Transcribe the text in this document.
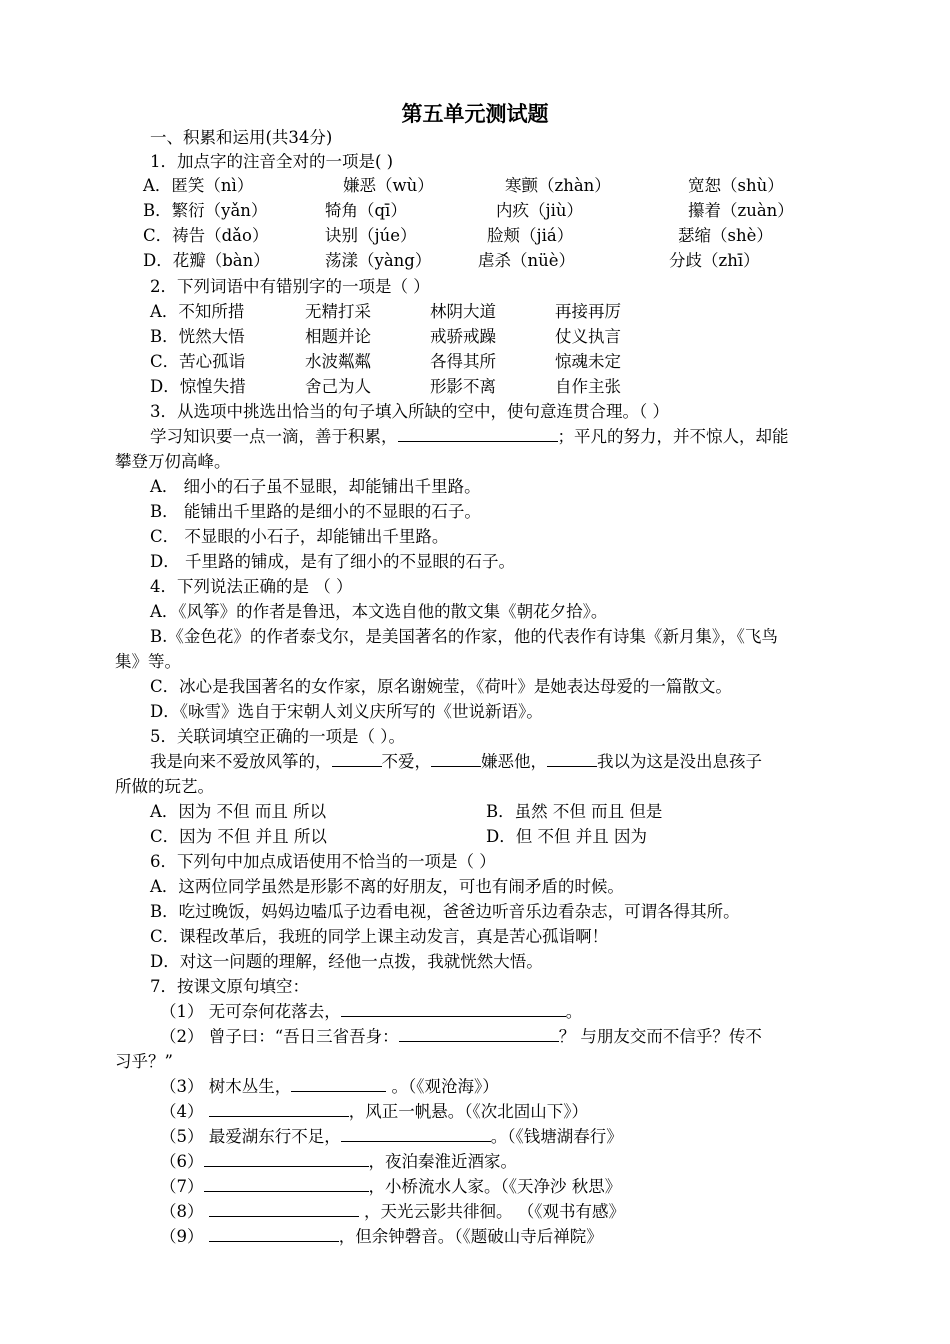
第五单元测试题
一、积累和运用(共34分)
1．加点字的注音全对的一项是( )
A．匿笑（nì）	嫌恶（wù）	寒颤（zhàn）	宽恕（shù）
B．繁衍（yǎn）	犄角（qī）	内疚（jiù）	攥着（zuàn）
C．祷告（dǎo）	诀别（júe）	脸颊（jiá）	瑟缩（shè）
D．花瓣（bàn）	荡漾（yàng）	虐杀（nüè）	分歧（zhī）
2．下列词语中有错别字的一项是（ ）
A．不知所措	无精打采	林阴大道	再接再厉
B．恍然大悟	相题并论	戒骄戒躁	仗义执言
C．苦心孤诣	水波粼粼	各得其所	惊魂未定
D．惊惶失措	舍己为人	形影不离	自作主张
3．从选项中挑选出恰当的句子填入所缺的空中，使句意连贯合理。（ ）
学习知识要一点一滴，善于积累，	；平凡的努力，并不惊人，却能
攀登万仞高峰。
A． 细小的石子虽不显眼，却能铺出千里路。
B． 能铺出千里路的是细小的不显眼的石子。
C． 不显眼的小石子，却能铺出千里路。
D． 千里路的铺成，是有了细小的不显眼的石子。
4．下列说法正确的是 （ ）
A．《风筝》的作者是鲁迅，本文选自他的散文集《朝花夕拾》。
B.《金色花》的作者泰戈尔，是美国著名的作家，他的代表作有诗集《新月集》，《飞鸟
集》等。
C．冰心是我国著名的女作家，原名谢婉莹，《荷叶》是她表达母爱的一篇散文。
D．《咏雪》选自于宋朝人刘义庆所写的《世说新语》。
5．关联词填空正确的一项是（ ）。
我是向来不爱放风筝的，	不爱，	嫌恶他，	我以为这是没出息孩子
所做的玩艺。
A．因为 不但 而且 所以	B．虽然 不但 而且 但是
C．因为 不但 并且 所以	D．但 不但 并且 因为
6．下列句中加点成语使用不恰当的一项是（ ）
A．这两位同学虽然是形影不离的好朋友，可也有闹矛盾的时候。
B．吃过晚饭，妈妈边嗑瓜子边看电视，爸爸边听音乐边看杂志，可谓各得其所。
C．课程改革后，我班的同学上课主动发言，真是苦心孤诣啊！
D．对这一问题的理解，经他一点拨，我就恍然大悟。
7．按课文原句填空：
（1） 无可奈何花落去，	。
（2） 曾子曰：“吾日三省吾身：	？ 与朋友交而不信乎？传不
习乎？”
（3） 树木丛生，	。（《观沧海》）
（4）	，风正一帆悬。（《次北固山下》）
（5） 最爱湖东行不足，	。（《钱塘湖春行》
（6）	，夜泊秦淮近酒家。
（7）	，小桥流水人家。（《天净沙 秋思》
（8）	，天光云影共徘徊。 （《观书有感》
（9）	，但余钟磬音。（《题破山寺后禅院》
